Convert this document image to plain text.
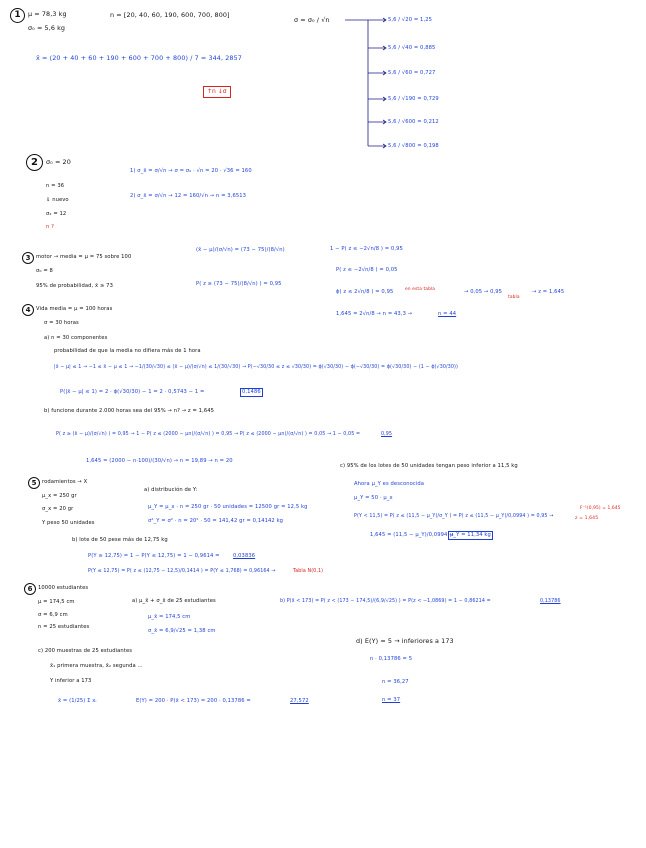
1	μ = 78,3 kg
σ₀ = 5,6 kg
n = [20, 40, 60, 190, 600, 700, 800]
x̄ = (20 + 40 + 60 + 190 + 600 + 700 + 800) / 7 = 344, 2857
↑n ↓σ
σ = σ₀ / √n	5,6 / √20 = 1,25
5,6 / √40 = 0,885
5,6 / √60 = 0,727
5,6 / √190 = 0,729
5,6 / √600 = 0,212
5,6 / √800 = 0,198
2	σ₀ = 20
n = 36
⇓ nuevo
σ₂ = 12
n ?
1) σ_x̄ = σ/√n → σ = σ₀ · √n = 20 · √36 = 160
2) σ_x̄ = σ/√n → 12 = 160/√n → n = 3,6513
3	motor → media = μ = 75 sobre 100
σ₀ = 8
95% de probabilidad, x̄ ≥ 73
(x̄ − μ)/(σ/√n) = (73 − 75)/(8/√n)
P( z ≥ (73 − 75)/(8/√n) ) = 0,95
1 − P( z ≤ −2√n/8 ) = 0,95
P( z ≤ −2√n/8 ) = 0,05
ϕ( z ≤ 2√n/8 ) = 0,95	en esta tabla	→ 0,05 → 0,95
tabla
→ z = 1,645
1,645 = 2√n/8 → n = 43,3 →	n = 44
4	Vida media = μ = 100 horas
σ = 30 horas
a) n = 30 componentes
probabilidad de que la media no difiera más de 1 hora
|x̄ − μ| ≤ 1 → −1 ≤ x̄ − μ ≤ 1 → −1/(30/√30) ≤ (x̄ − μ)/(σ/√n) ≤ 1/(30/√30) → P(−√30/30 ≤ z ≤ √30/30) = ϕ(√30/30) − ϕ(−√30/30) = ϕ(√30/30) − (1 − ϕ(√30/30))
P(|x̄ − μ| ≤ 1) = 2 · ϕ(√30/30) − 1 = 2 · 0,5743 − 1 =	0,1486
b) funcione durante 2.000 horas sea del 95% → n? → z = 1,645
P( z ≥ (x̄ − μ)/(σ/√n) ) = 0,95 → 1 − P( z ≤ (2000 − μn)/(σ/√n) ) = 0,95 → P( z ≤ (2000 − μn)/(σ/√n) ) = 0,05 → 1 − 0,05 =	0,95
1,645 = (2000 − n·100)/(30/√n) → n = 19,89 → n = 20
c) 95% de los lotes de 50 unidades tengan peso inferior a 11,5 kg
Ahora μ_Y es desconocida
μ_Y = 50 · μ_x
P(Y < 11,5) = P( z ≤ (11,5 − μ_Y)/σ_Y ) = P( z ≤ (11,5 − μ_Y)/0,0994 ) = 0,95 →
F⁻¹(0,95) = 1,645
z = 1,645
1,645 = (11,5 − μ_Y)/0,0994 →
μ_Y = 11,34 kg
5	rodamientos → X
μ_x = 250 gr
σ_x = 20 gr
Y peso 50 unidades
a) distribución de Y:
μ_Y = μ_x · n = 250 gr · 50 unidades = 12500 gr = 12,5 kg
σ²_Y = σ² · n = 20² · 50 = 141,42 gr = 0,14142 kg
b) lote de 50 pese más de 12,75 kg
P(Y ≥ 12,75) = 1 − P(Y ≤ 12,75) = 1 − 0,9614 =	0,03836
P(Y ≤ 12,75) = P( z ≤ (12,75 − 12,5)/0,1414 ) = P(Y ≤ 1,768) = 0,96164 →	Tabla N(0,1)
6	10000 estudiantes
μ = 174,5 cm
σ = 6,9 cm
n = 25 estudiantes
a) μ_x̄ + σ_x̄ de 25 estudiantes
μ_x̄ = 174,5 cm
σ_x̄ = 6,9/√25 = 1,38 cm
b) P(x̄ < 173) = P( z < (173 − 174,5)/(6,9/√25) ) = P(z < −1,0869) = 1 − 0,86214 =	0,13786
c) 200 muestras de 25 estudiantes
x̄₁ primera muestra, x̄₂ segunda ...
Y inferior a 173
x̄ = (1/25) Σ xᵢ	E(Y) = 200 · P(x̄ < 173) = 200 · 0,13786 =	27,572
d) E(Y) = 5 → inferiores a 173
n · 0,13786 = 5
n = 36,27
n = 37
